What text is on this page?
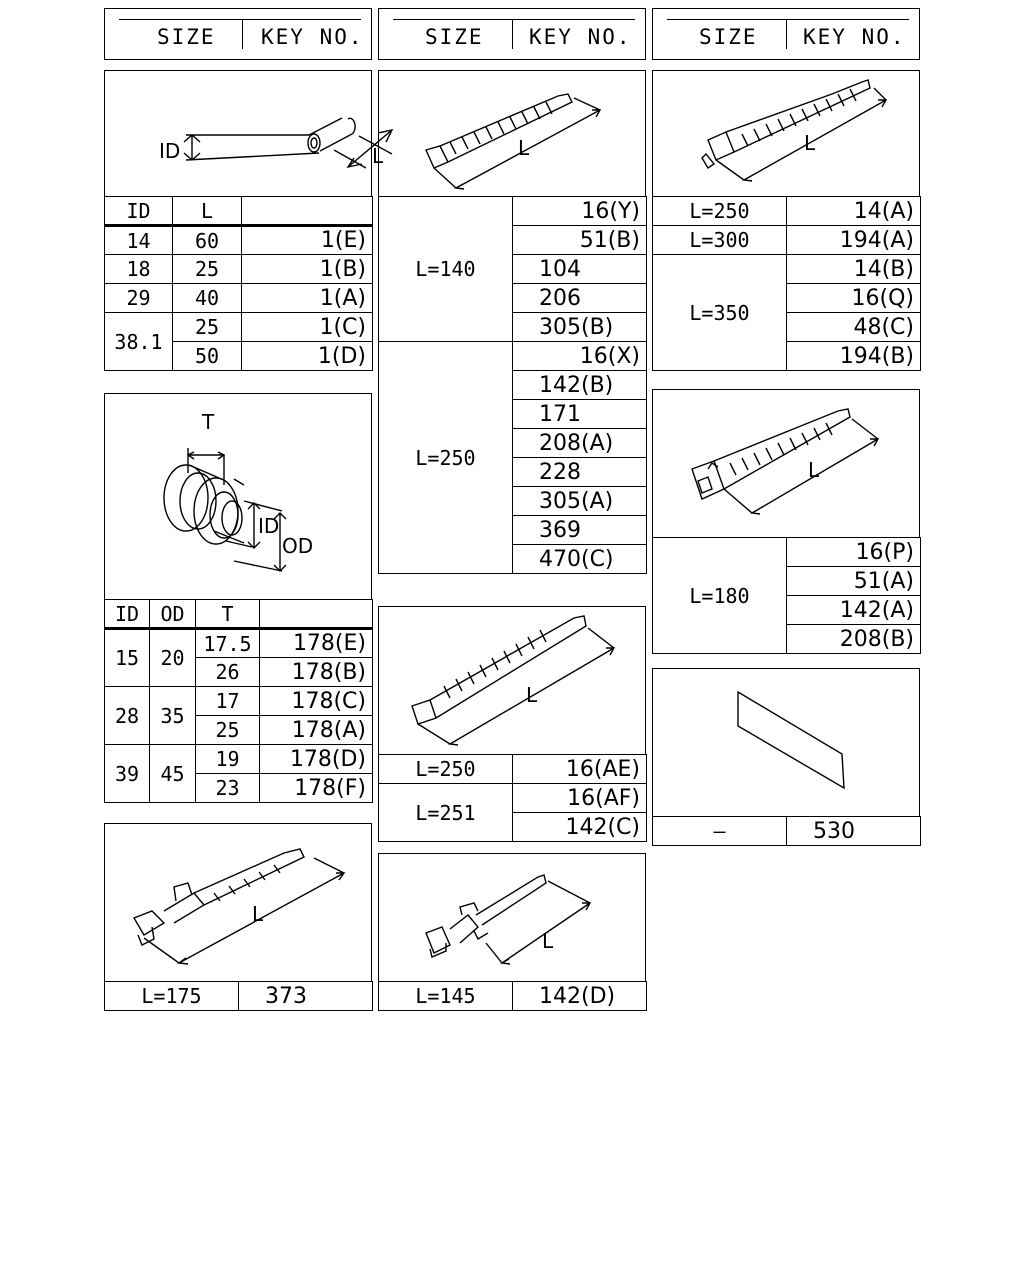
SIZE KEY NO.	SIZE KEY NO.	SIZE KEY NO.
L
ID
ID	L	
14	60	1(E)
18	25	1(B)
29	40	1(A)
38.1	25	1(C)
	50	1(D)
T
ID
OD
ID	OD	T	
15	20	17.5	178(E)
		26	178(B)
28	35	17	178(C)
		25	178(A)
39	45	19	178(D)
		23	178(F)
L
L=175	373
L
L=140	16(Y)
	51(B)
	104
	206
	305(B)
L=250	16(X)
	142(B)
	171
	208(A)
	228
	305(A)
	369
	470(C)
L
L=250	16(AE)
L=251	16(AF)
	142(C)
L
L=145	142(D)
L
L=250	14(A)
L=300	194(A)
L=350	14(B)
	16(Q)
	48(C)
	194(B)
L
L=180	16(P)
51(A)
142(A)
208(B)
—	530
